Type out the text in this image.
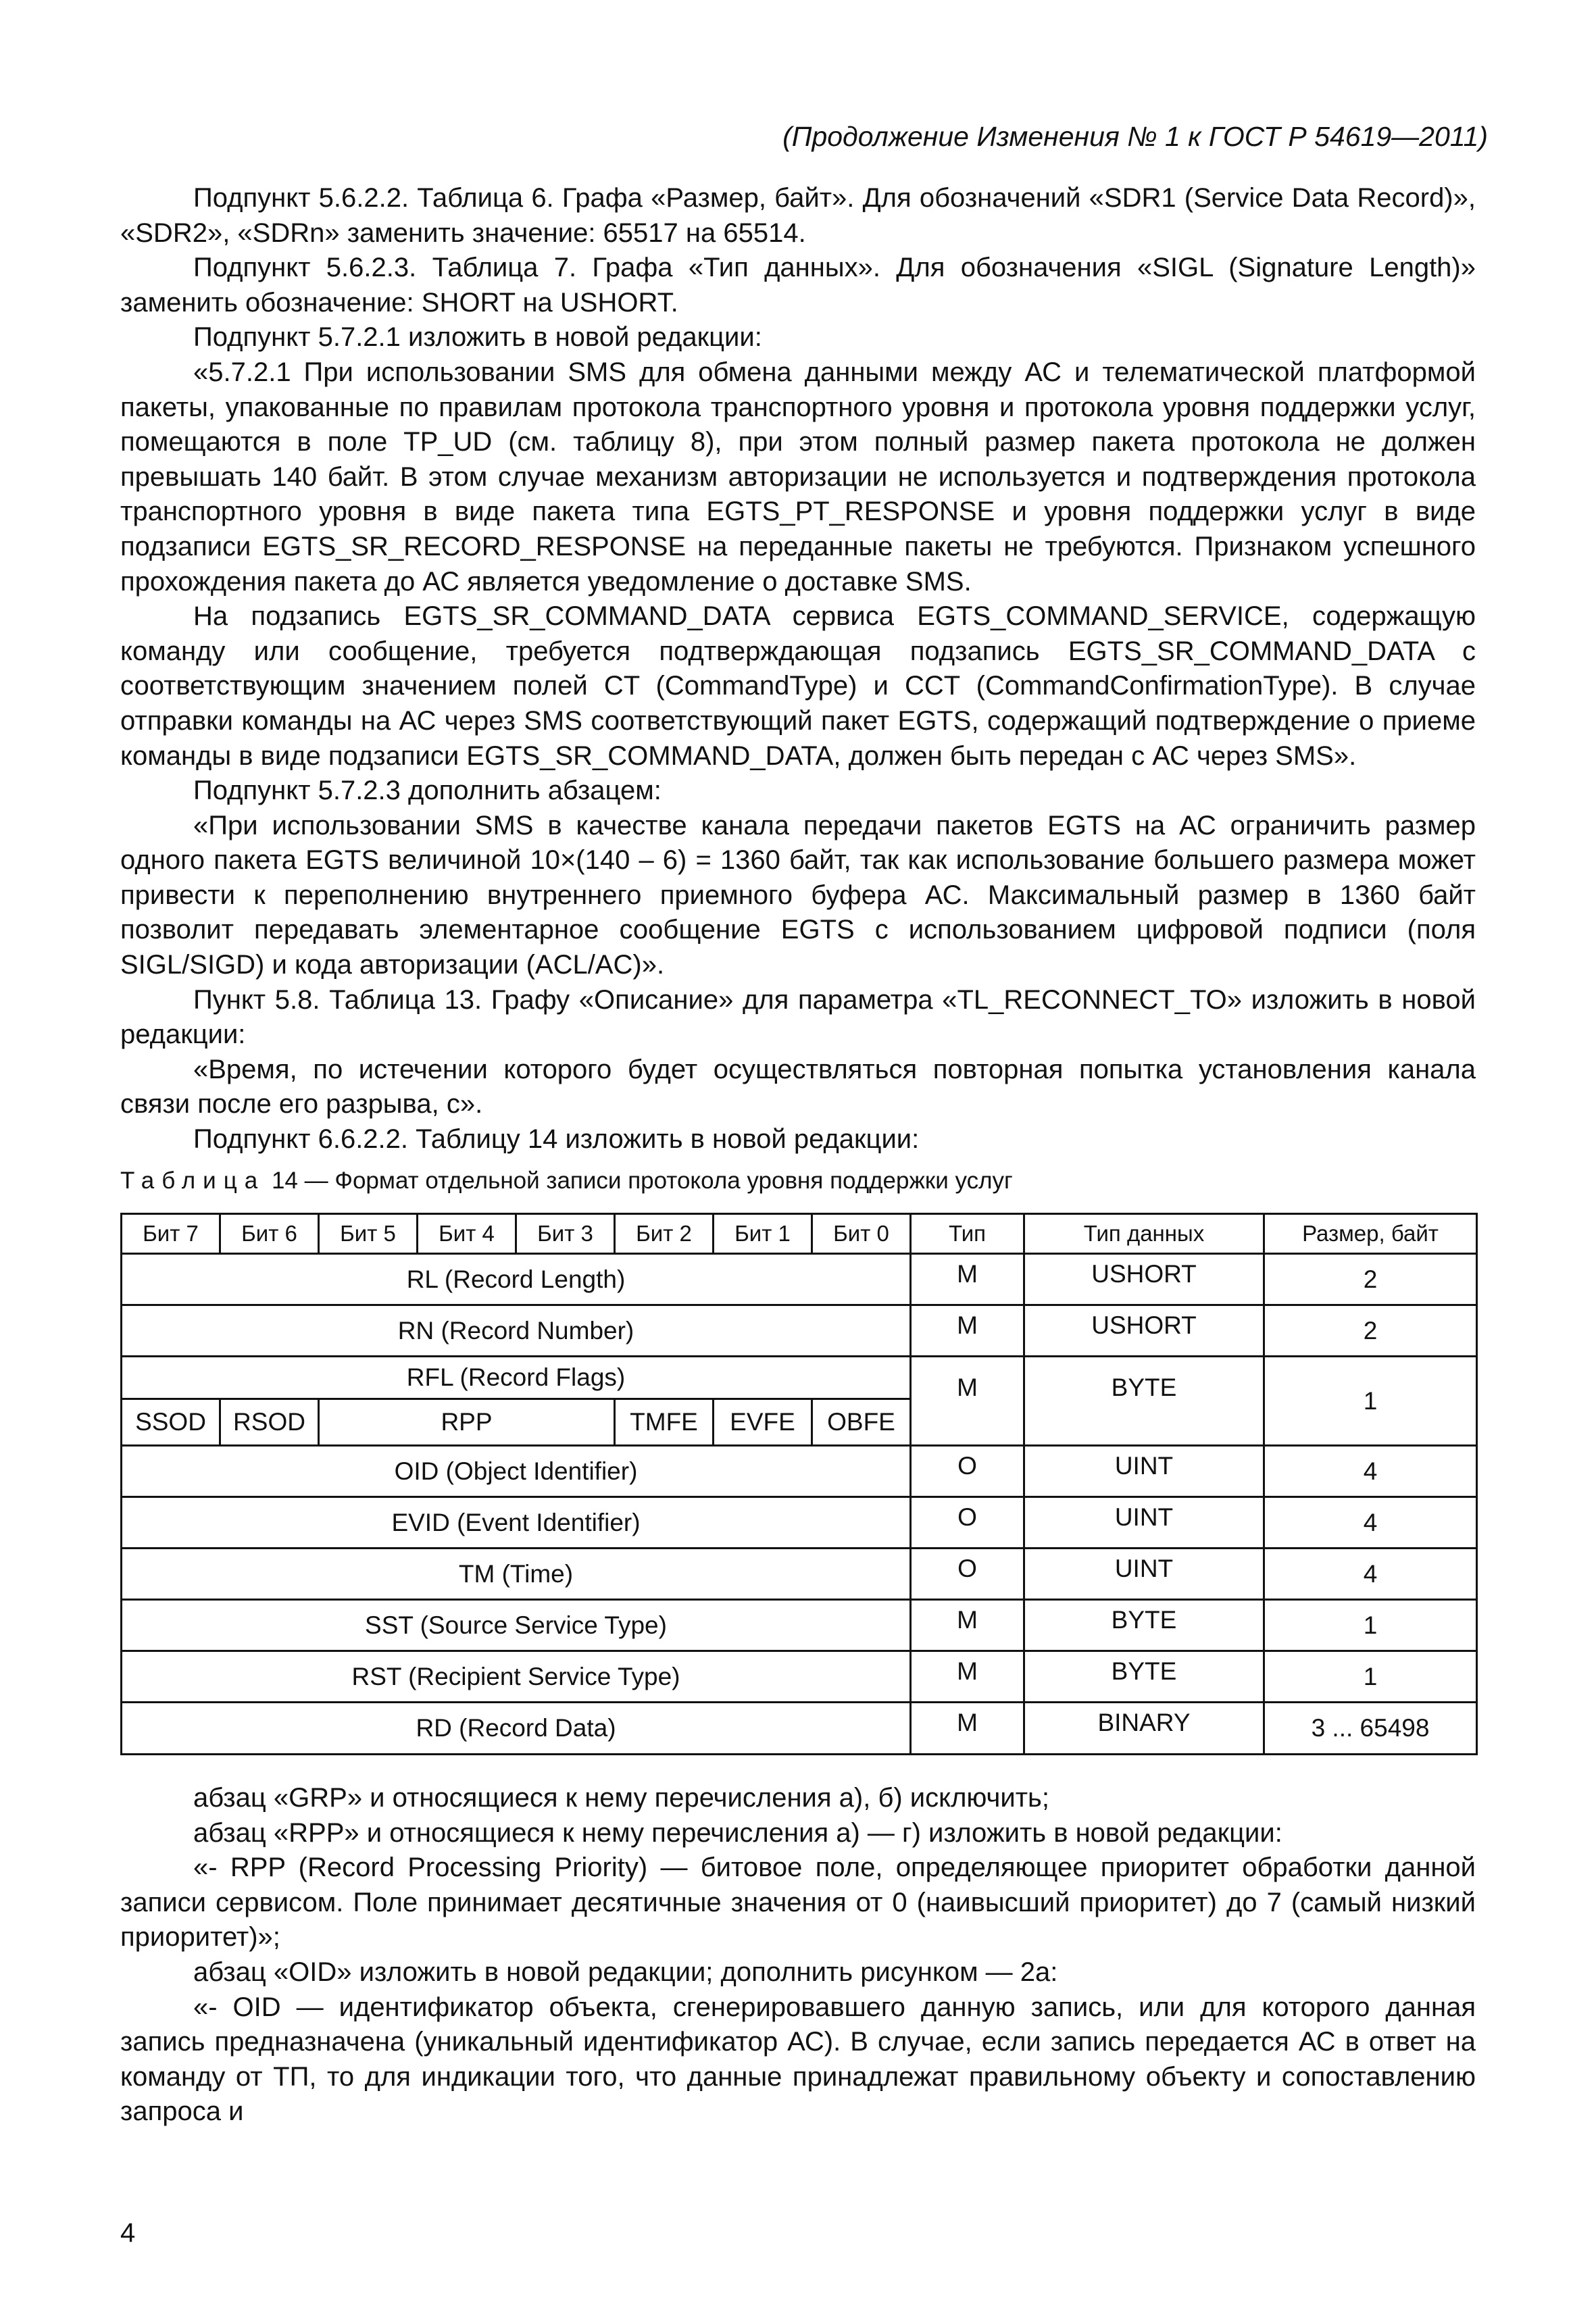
(Продолжение Изменения № 1 к ГОСТ Р 54619—2011)

Подпункт 5.6.2.2. Таблица 6. Графа «Размер, байт». Для обозначений «SDR1 (Service Data Record)», «SDR2», «SDRn» заменить значение: 65517 на 65514.

Подпункт 5.6.2.3. Таблица 7. Графа «Тип данных». Для обозначения «SIGL (Signature Length)» заменить обозначение: SHORT на USHORT.

Подпункт 5.7.2.1 изложить в новой редакции:

«5.7.2.1 При использовании SMS для обмена данными между АС и телематической платформой пакеты, упакованные по правилам протокола транспортного уровня и протокола уровня поддержки услуг, помещаются в поле TP_UD (см. таблицу 8), при этом полный размер пакета протокола не должен превышать 140 байт. В этом случае механизм авторизации не используется и подтверждения протокола транспортного уровня в виде пакета типа EGTS_PT_RESPONSE и уровня поддержки услуг в виде подзаписи EGTS_SR_RECORD_RESPONSE на переданные пакеты не требуются. Признаком успешного прохождения пакета до АС является уведомление о доставке SMS.

На подзапись EGTS_SR_COMMAND_DATA сервиса EGTS_COMMAND_SERVICE, содержащую команду или сообщение, требуется подтверждающая подзапись EGTS_SR_COMMAND_DATA с соответствующим значением полей CT (CommandType) и CCT (CommandConfirmationType). В случае отправки команды на АС через SMS соответствующий пакет EGTS, содержащий подтверждение о приеме команды в виде подзаписи EGTS_SR_COMMAND_DATA, должен быть передан с АС через SMS».

Подпункт 5.7.2.3 дополнить абзацем:

«При использовании SMS в качестве канала передачи пакетов EGTS на АС ограничить размер одного пакета EGTS величиной 10×(140 – 6) = 1360 байт, так как использование большего размера может привести к переполнению внутреннего приемного буфера АС. Максимальный размер в 1360 байт позволит передавать элементарное сообщение EGTS с использованием цифровой подписи (поля SIGL/SIGD) и кода авторизации (ACL/AC)».

Пункт 5.8. Таблица 13. Графу «Описание» для параметра «TL_RECONNECT_TO» изложить в новой редакции:

«Время, по истечении которого будет осуществляться повторная попытка установления канала связи после его разрыва, с».

Подпункт 6.6.2.2. Таблицу 14 изложить в новой редакции:

Таблица 14 — Формат отдельной записи протокола уровня поддержки услуг
Бит 7	Бит 6	Бит 5	Бит 4	Бит 3	Бит 2	Бит 1	Бит 0	Тип	Тип данных	Размер, байт
RL (Record Length)								M	USHORT	2
RN (Record Number)								M	USHORT	2
RFL (Record Flags)								M	BYTE	1
SSOD	RSOD	RPP			TMFE	EVFE	OBFE			
OID (Object Identifier)								O	UINT	4
EVID (Event Identifier)								O	UINT	4
TM (Time)								O	UINT	4
SST (Source Service Type)								M	BYTE	1
RST (Recipient Service Type)								M	BYTE	1
RD (Record Data)								M	BINARY	3 ... 65498

абзац «GRP» и относящиеся к нему перечисления а), б) исключить;

абзац «RPP» и относящиеся к нему перечисления а) — г) изложить в новой редакции:

«- RPP (Record Processing Priority) — битовое поле, определяющее приоритет обработки данной записи сервисом. Поле принимает десятичные значения от 0 (наивысший приоритет) до 7 (самый низкий приоритет)»;

абзац «OID» изложить в новой редакции; дополнить рисунком — 2а:

«- OID — идентификатор объекта, сгенерировавшего данную запись, или для которого данная запись предназначена (уникальный идентификатор АС). В случае, если запись передается АС в ответ на команду от ТП, то для индикации того, что данные принадлежат правильному объекту и сопоставлению запроса и

4
